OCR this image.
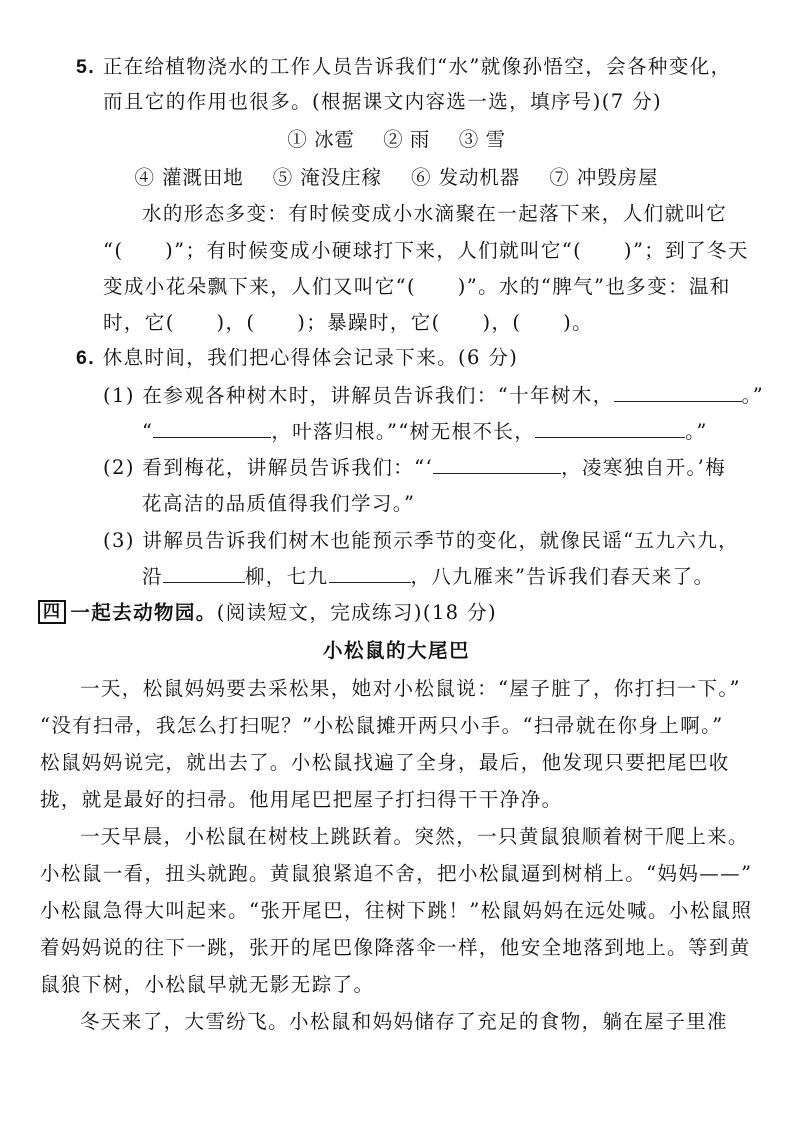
5. 正在给植物浇水的工作人员告诉我们“水”就像孙悟空，会各种变化，
而且它的作用也很多。(根据课文内容选一选，填序号)(7 分)
① 冰雹 ② 雨 ③ 雪
④ 灌溉田地 ⑤ 淹没庄稼 ⑥ 发动机器 ⑦ 冲毁房屋
水的形态多变：有时候变成小水滴聚在一起落下来，人们就叫它
“(　　)”；有时候变成小硬球打下来，人们就叫它“(　　)”；到了冬天
变成小花朵飘下来，人们又叫它“(　　)”。水的“脾气”也多变：温和
时，它(　　)，(　　)；暴躁时，它(　　)，(　　)。
6. 休息时间，我们把心得体会记录下来。(6 分)
(1) 在参观各种树木时，讲解员告诉我们：“十年树木，	。”
“	，叶落归根。”“树无根不长，	。”
(2) 看到梅花，讲解员告诉我们：“‘	，凌寒独自开。’梅
花高洁的品质值得我们学习。”
(3) 讲解员告诉我们树木也能预示季节的变化，就像民谣“五九六九，
沿	柳，七九	，八九雁来”告诉我们春天来了。
四 一起去动物园。(阅读短文，完成练习)(18 分)
小松鼠的大尾巴
一天，松鼠妈妈要去采松果，她对小松鼠说：“屋子脏了，你打扫一下。”
“没有扫帚，我怎么打扫呢？”小松鼠摊开两只小手。“扫帚就在你身上啊。”
松鼠妈妈说完，就出去了。小松鼠找遍了全身，最后，他发现只要把尾巴收
拢，就是最好的扫帚。他用尾巴把屋子打扫得干干净净。
一天早晨，小松鼠在树枝上跳跃着。突然，一只黄鼠狼顺着树干爬上来。
小松鼠一看，扭头就跑。黄鼠狼紧追不舍，把小松鼠逼到树梢上。“妈妈——”
小松鼠急得大叫起来。“张开尾巴，往树下跳！”松鼠妈妈在远处喊。小松鼠照
着妈妈说的往下一跳，张开的尾巴像降落伞一样，他安全地落到地上。等到黄
鼠狼下树，小松鼠早就无影无踪了。
冬天来了，大雪纷飞。小松鼠和妈妈储存了充足的食物，躺在屋子里准
